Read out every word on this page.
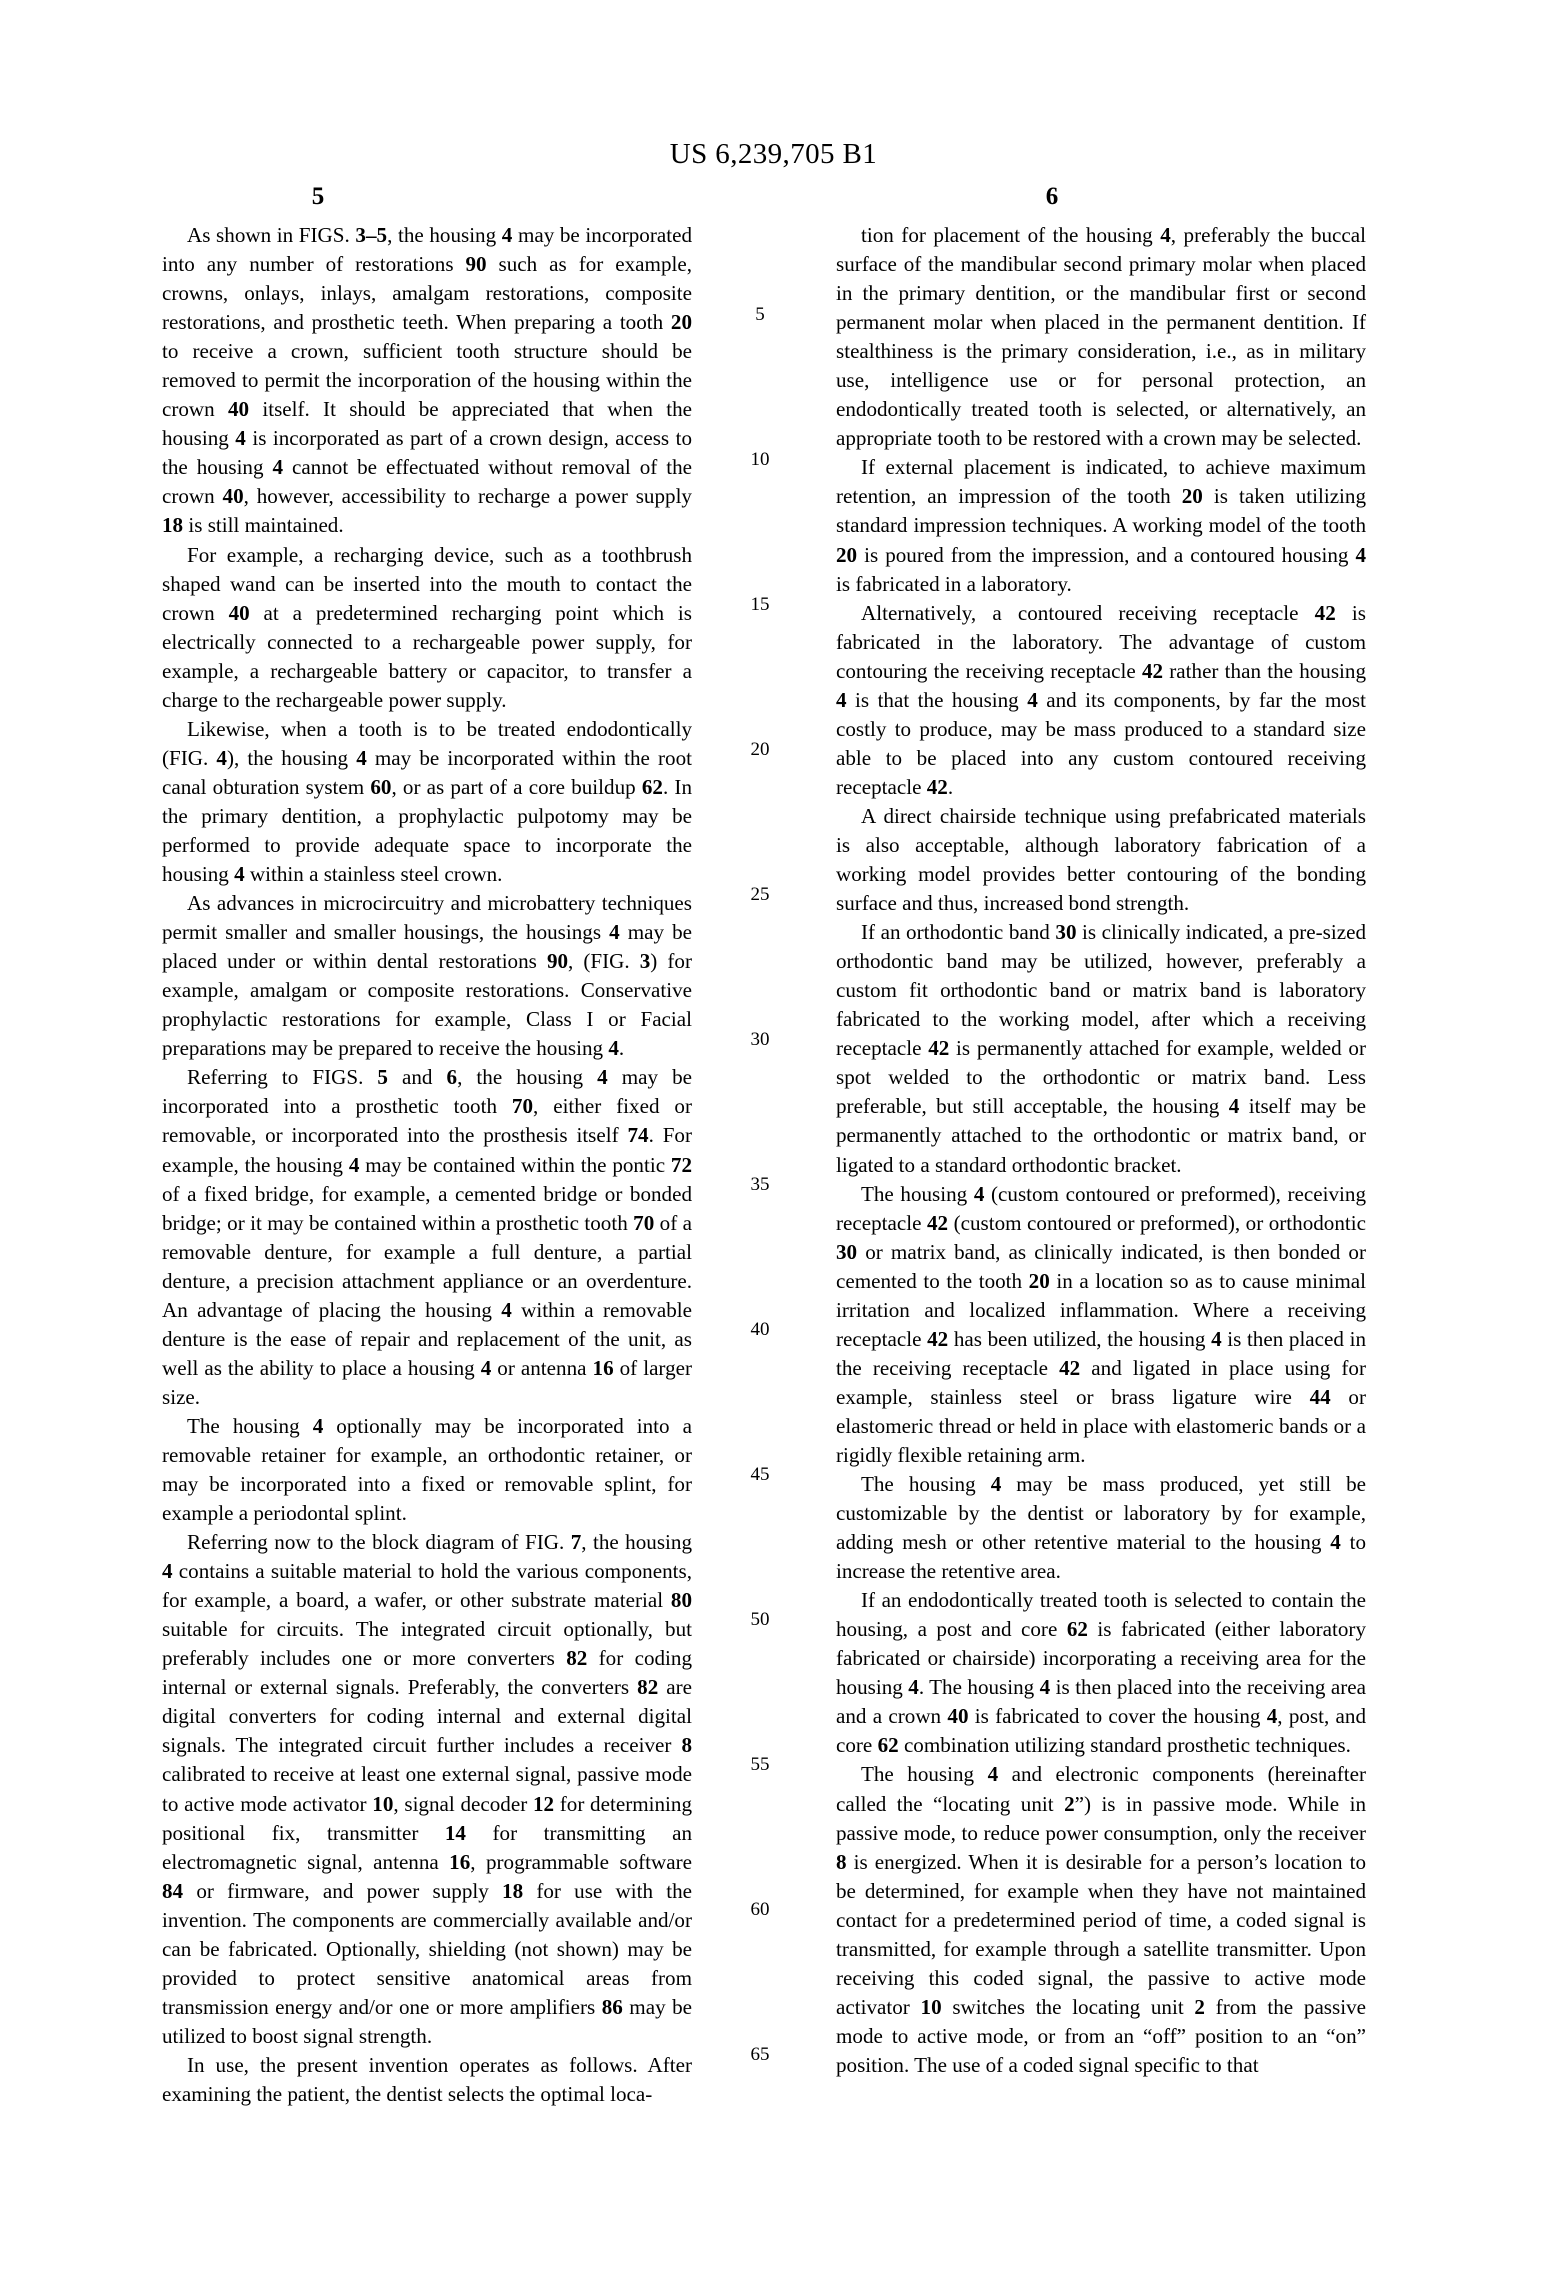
US 6,239,705 B1
5	6

As shown in FIGS. 3–5, the housing 4 may be incorporated into any number of restorations 90 such as for example, crowns, onlays, inlays, amalgam restorations, composite restorations, and prosthetic teeth. When preparing a tooth 20 to receive a crown, sufficient tooth structure should be removed to permit the incorporation of the housing within the crown 40 itself. It should be appreciated that when the housing 4 is incorporated as part of a crown design, access to the housing 4 cannot be effectuated without removal of the crown 40, however, accessibility to recharge a power supply 18 is still maintained.

For example, a recharging device, such as a toothbrush shaped wand can be inserted into the mouth to contact the crown 40 at a predetermined recharging point which is electrically connected to a rechargeable power supply, for example, a rechargeable battery or capacitor, to transfer a charge to the rechargeable power supply.

Likewise, when a tooth is to be treated endodontically (FIG. 4), the housing 4 may be incorporated within the root canal obturation system 60, or as part of a core buildup 62. In the primary dentition, a prophylactic pulpotomy may be performed to provide adequate space to incorporate the housing 4 within a stainless steel crown.

As advances in microcircuitry and microbattery techniques permit smaller and smaller housings, the housings 4 may be placed under or within dental restorations 90, (FIG. 3) for example, amalgam or composite restorations. Conservative prophylactic restorations for example, Class I or Facial preparations may be prepared to receive the housing 4.

Referring to FIGS. 5 and 6, the housing 4 may be incorporated into a prosthetic tooth 70, either fixed or removable, or incorporated into the prosthesis itself 74. For example, the housing 4 may be contained within the pontic 72 of a fixed bridge, for example, a cemented bridge or bonded bridge; or it may be contained within a prosthetic tooth 70 of a removable denture, for example a full denture, a partial denture, a precision attachment appliance or an overdenture. An advantage of placing the housing 4 within a removable denture is the ease of repair and replacement of the unit, as well as the ability to place a housing 4 or antenna 16 of larger size.

The housing 4 optionally may be incorporated into a removable retainer for example, an orthodontic retainer, or may be incorporated into a fixed or removable splint, for example a periodontal splint.

Referring now to the block diagram of FIG. 7, the housing 4 contains a suitable material to hold the various components, for example, a board, a wafer, or other substrate material 80 suitable for circuits. The integrated circuit optionally, but preferably includes one or more converters 82 for coding internal or external signals. Preferably, the converters 82 are digital converters for coding internal and external digital signals. The integrated circuit further includes a receiver 8 calibrated to receive at least one external signal, passive mode to active mode activator 10, signal decoder 12 for determining positional fix, transmitter 14 for transmitting an electromagnetic signal, antenna 16, programmable software 84 or firmware, and power supply 18 for use with the invention. The components are commercially available and/or can be fabricated. Optionally, shielding (not shown) may be provided to protect sensitive anatomical areas from transmission energy and/or one or more amplifiers 86 may be utilized to boost signal strength.

In use, the present invention operates as follows. After examining the patient, the dentist selects the optimal loca-

tion for placement of the housing 4, preferably the buccal surface of the mandibular second primary molar when placed in the primary dentition, or the mandibular first or second permanent molar when placed in the permanent dentition. If stealthiness is the primary consideration, i.e., as in military use, intelligence use or for personal protection, an endodontically treated tooth is selected, or alternatively, an appropriate tooth to be restored with a crown may be selected.

If external placement is indicated, to achieve maximum retention, an impression of the tooth 20 is taken utilizing standard impression techniques. A working model of the tooth 20 is poured from the impression, and a contoured housing 4 is fabricated in a laboratory.

Alternatively, a contoured receiving receptacle 42 is fabricated in the laboratory. The advantage of custom contouring the receiving receptacle 42 rather than the housing 4 is that the housing 4 and its components, by far the most costly to produce, may be mass produced to a standard size able to be placed into any custom contoured receiving receptacle 42.

A direct chairside technique using prefabricated materials is also acceptable, although laboratory fabrication of a working model provides better contouring of the bonding surface and thus, increased bond strength.

If an orthodontic band 30 is clinically indicated, a pre-sized orthodontic band may be utilized, however, preferably a custom fit orthodontic band or matrix band is laboratory fabricated to the working model, after which a receiving receptacle 42 is permanently attached for example, welded or spot welded to the orthodontic or matrix band. Less preferable, but still acceptable, the housing 4 itself may be permanently attached to the orthodontic or matrix band, or ligated to a standard orthodontic bracket.

The housing 4 (custom contoured or preformed), receiving receptacle 42 (custom contoured or preformed), or orthodontic 30 or matrix band, as clinically indicated, is then bonded or cemented to the tooth 20 in a location so as to cause minimal irritation and localized inflammation. Where a receiving receptacle 42 has been utilized, the housing 4 is then placed in the receiving receptacle 42 and ligated in place using for example, stainless steel or brass ligature wire 44 or elastomeric thread or held in place with elastomeric bands or a rigidly flexible retaining arm.

The housing 4 may be mass produced, yet still be customizable by the dentist or laboratory by for example, adding mesh or other retentive material to the housing 4 to increase the retentive area.

If an endodontically treated tooth is selected to contain the housing, a post and core 62 is fabricated (either laboratory fabricated or chairside) incorporating a receiving area for the housing 4. The housing 4 is then placed into the receiving area and a crown 40 is fabricated to cover the housing 4, post, and core 62 combination utilizing standard prosthetic techniques.

The housing 4 and electronic components (hereinafter called the “locating unit 2”) is in passive mode. While in passive mode, to reduce power consumption, only the receiver 8 is energized. When it is desirable for a person’s location to be determined, for example when they have not maintained contact for a predetermined period of time, a coded signal is transmitted, for example through a satellite transmitter. Upon receiving this coded signal, the passive to active mode activator 10 switches the locating unit 2 from the passive mode to active mode, or from an “off” position to an “on” position. The use of a coded signal specific to that

5
10
15
20
25
30
35
40
45
50
55
60
65
